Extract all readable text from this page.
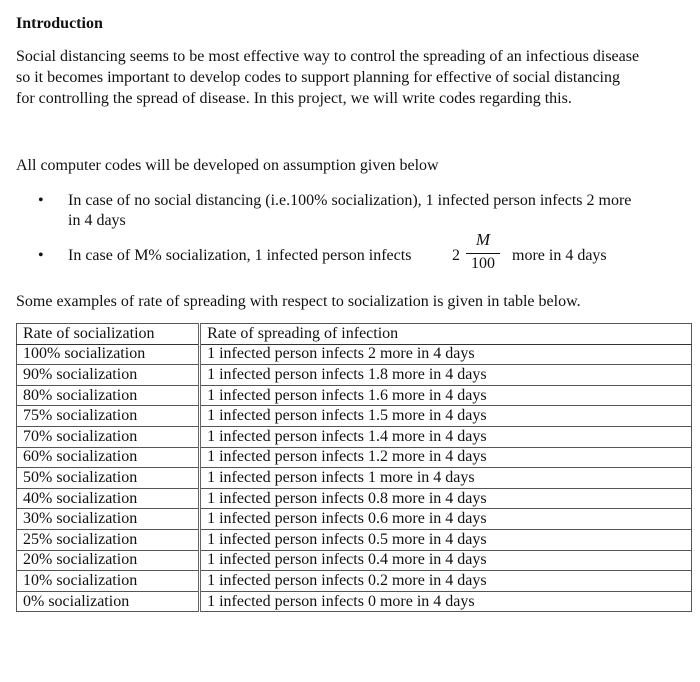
Introduction
Social distancing seems to be most effective way to control the spreading of an infectious disease
so it becomes important to develop codes to support planning for effective of social distancing
for controlling the spread of disease. In this project, we will write codes regarding this.
All computer codes will be developed on assumption given below
• In case of no social distancing (i.e.100% socialization), 1 infected person infects 2 more
in 4 days
• In case of M% socialization, 1 infected person infects	2
M
100	more in 4 days
Some examples of rate of spreading with respect to socialization is given in table below.
Rate of socialization	Rate of spreading of infection
100% socialization	1 infected person infects 2 more in 4 days
90% socialization	1 infected person infects 1.8 more in 4 days
80% socialization	1 infected person infects 1.6 more in 4 days
75% socialization	1 infected person infects 1.5 more in 4 days
70% socialization	1 infected person infects 1.4 more in 4 days
60% socialization	1 infected person infects 1.2 more in 4 days
50% socialization	1 infected person infects 1 more in 4 days
40% socialization	1 infected person infects 0.8 more in 4 days
30% socialization	1 infected person infects 0.6 more in 4 days
25% socialization	1 infected person infects 0.5 more in 4 days
20% socialization	1 infected person infects 0.4 more in 4 days
10% socialization	1 infected person infects 0.2 more in 4 days
0% socialization	1 infected person infects 0 more in 4 days
